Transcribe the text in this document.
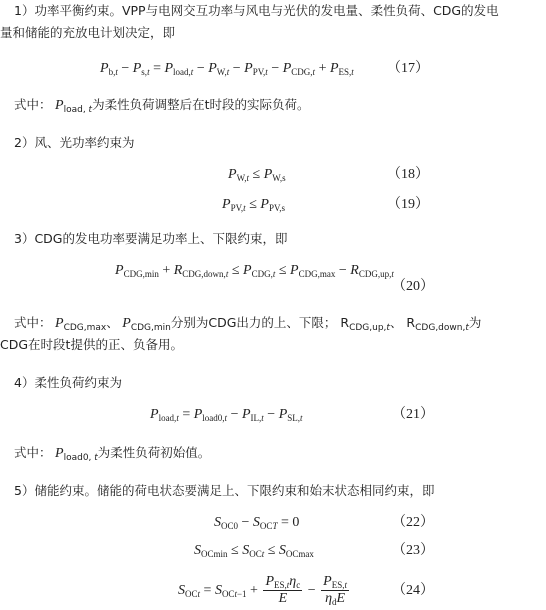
1）功率平衡约束。VPP与电网交互功率与风电与光伏的发电量、柔性负荷、CDG的发电
量和储能的充放电计划决定，即
$P_{b,t} - P_{s,t} = P_{load,t} - P_{W,t} - P_{PV,t} - P_{CDG,t} + P_{ES,t}$ （17）
式中： $P_{load, t}$为柔性负荷调整后在t时段的实际负荷。
2）风、光功率约束为
$P_{W,t} \le P_{W,s}$	（18）
$P_{PV,t} \le P_{PV,s}$	（19）
3）CDG的发电功率要满足功率上、下限约束，即
$P_{CDG,min} + R_{CDG,down,t} \le P_{CDG,t} \le P_{CDG,max} - R_{CDG,up,t}$
（20）
式中： $P_{CDG,max}$、 $P_{CDG,min}$分别为CDG出力的上、下限； $R_{CDG,up,t}$、 $R_{CDG,down,t}$为
CDG在时段t提供的正、负备用。
4）柔性负荷约束为
$P_{load,t} = P_{load0,t} - P_{IL,t} - P_{SL,t}$	（21）
式中： $P_{load0, t}$为柔性负荷初始值。
5）储能约束。储能的荷电状态要满足上、下限约束和始末状态相同约束，即
$S_{OC0} - S_{OCT} = 0$	（22）
$S_{OCmin} \le S_{OCt} \le S_{OCmax}$	（23）
$S_{OCt} = S_{OCt-1} + \frac{P_{ES,t}\eta_c}{E} - \frac{P_{ES,t}}{\eta_dE}$	（24）
